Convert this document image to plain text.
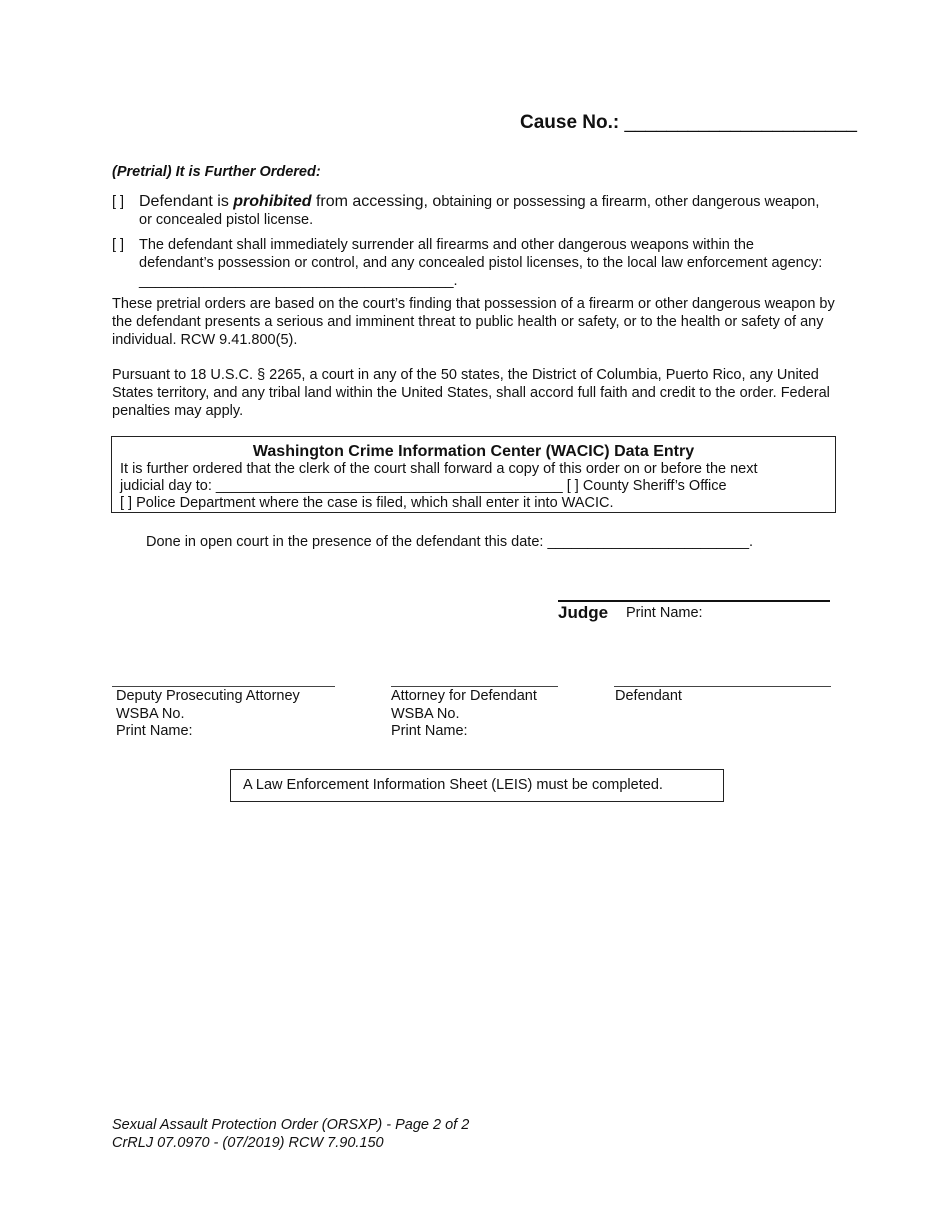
Cause No.: ______________________
(Pretrial) It is Further Ordered:
[ ] Defendant is prohibited from accessing, obtaining or possessing a firearm, other dangerous weapon, or concealed pistol license.
[ ] The defendant shall immediately surrender all firearms and other dangerous weapons within the defendant’s possession or control, and any concealed pistol licenses, to the local law enforcement agency: _______________________________________.
These pretrial orders are based on the court’s finding that possession of a firearm or other dangerous weapon by the defendant presents a serious and imminent threat to public health or safety, or to the health or safety of any individual. RCW 9.41.800(5).
Pursuant to 18 U.S.C. § 2265, a court in any of the 50 states, the District of Columbia, Puerto Rico, any United States territory, and any tribal land within the United States, shall accord full faith and credit to the order. Federal penalties may apply.
Washington Crime Information Center (WACIC) Data Entry
It is further ordered that the clerk of the court shall forward a copy of this order on or before the next
judicial day to: ___________________________________________ [ ] County Sheriff’s Office
[ ] Police Department where the case is filed, which shall enter it into WACIC.
Done in open court in the presence of the defendant this date: _________________________.
Judge Print Name:
Deputy Prosecuting Attorney
WSBA No.
Print Name:
Attorney for Defendant
WSBA No.
Print Name:
Defendant
A Law Enforcement Information Sheet (LEIS) must be completed.
Sexual Assault Protection Order (ORSXP) - Page 2 of 2
CrRLJ 07.0970 - (07/2019) RCW 7.90.150
